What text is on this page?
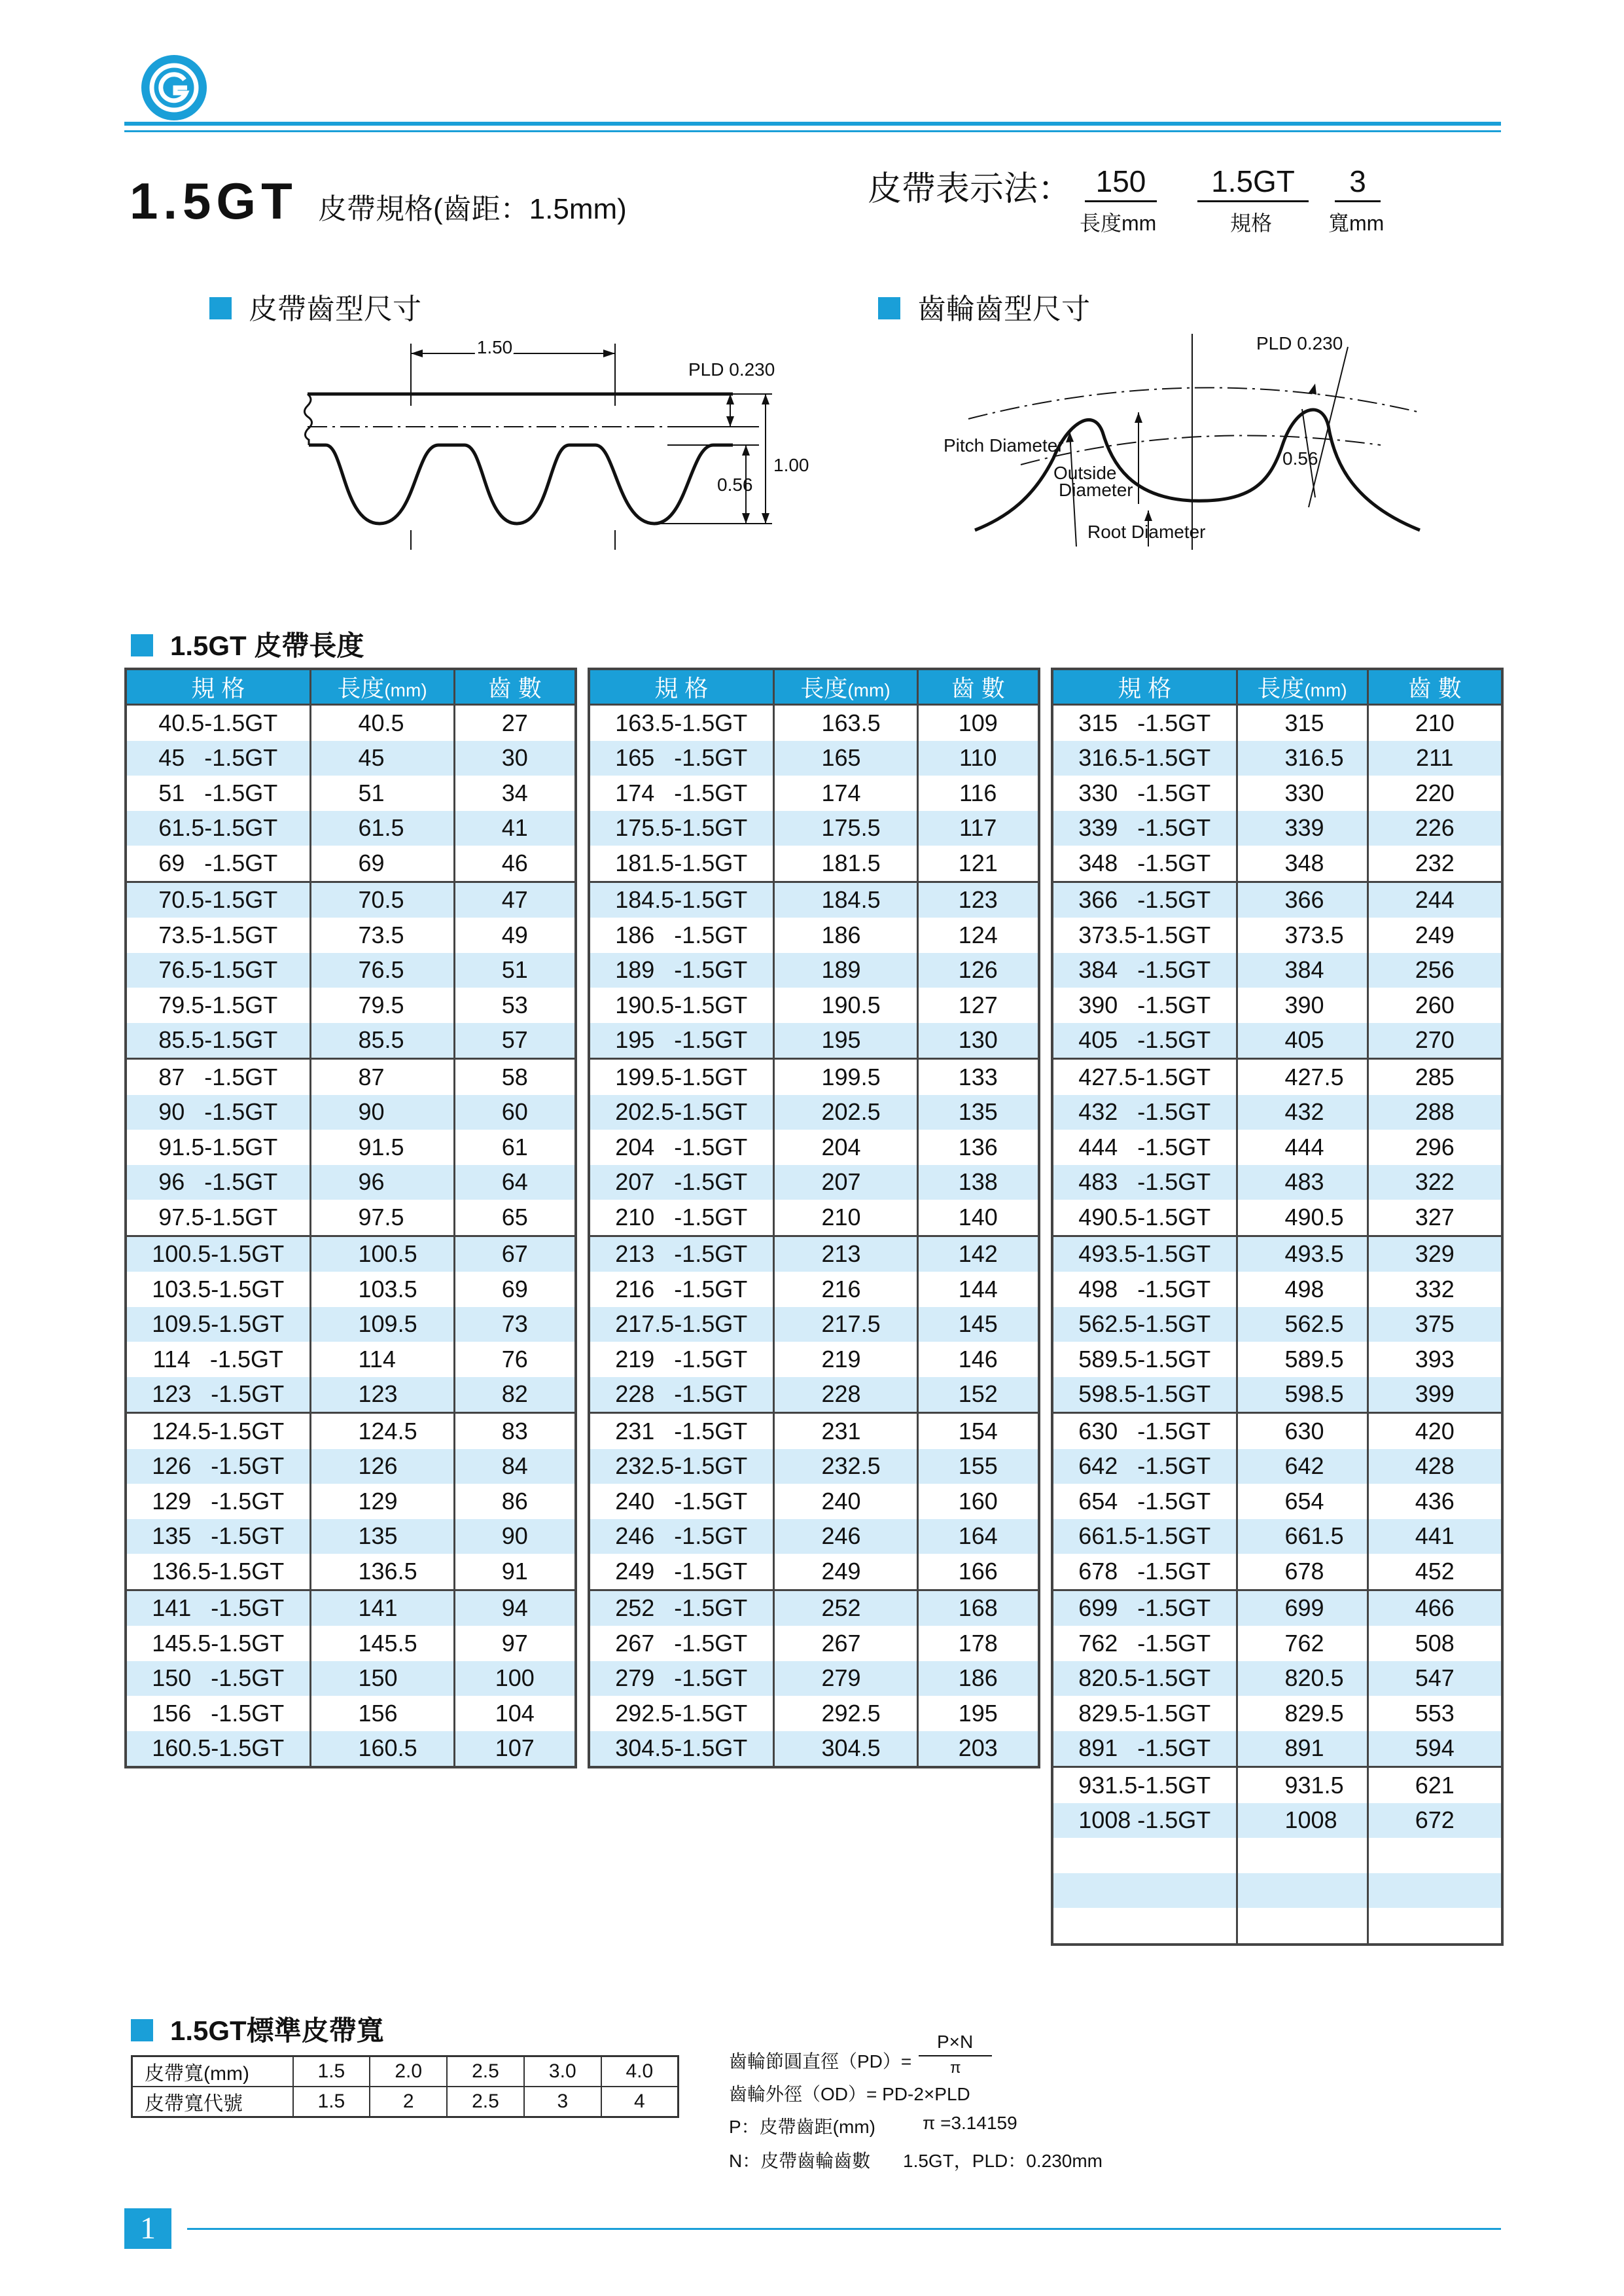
1.5GT 皮帶規格(齒距：1.5mm)
皮帶表示法： 150
長度mm
1.5GT
規格
3
寬mm
皮帶齒型尺寸	齒輪齒型尺寸
1.50
PLD 0.230
1.00
0.56
PLD 0.230
0.56
Pitch Diameter
Outside
Diameter
Root Diameter
1.5GT 皮帶長度
規 格	長度(mm)	齒 數
40.5-1.5GT	40.5	27
45   -1.5GT	45	30
51   -1.5GT	51	34
61.5-1.5GT	61.5	41
69   -1.5GT	69	46
70.5-1.5GT	70.5	47
73.5-1.5GT	73.5	49
76.5-1.5GT	76.5	51
79.5-1.5GT	79.5	53
85.5-1.5GT	85.5	57
87   -1.5GT	87	58
90   -1.5GT	90	60
91.5-1.5GT	91.5	61
96   -1.5GT	96	64
97.5-1.5GT	97.5	65
100.5-1.5GT	100.5	67
103.5-1.5GT	103.5	69
109.5-1.5GT	109.5	73
114   -1.5GT	114	76
123   -1.5GT	123	82
124.5-1.5GT	124.5	83
126   -1.5GT	126	84
129   -1.5GT	129	86
135   -1.5GT	135	90
136.5-1.5GT	136.5	91
141   -1.5GT	141	94
145.5-1.5GT	145.5	97
150   -1.5GT	150	100
156   -1.5GT	156	104
160.5-1.5GT	160.5	107
規 格	長度(mm)	齒 數
163.5-1.5GT	163.5	109
165   -1.5GT	165	110
174   -1.5GT	174	116
175.5-1.5GT	175.5	117
181.5-1.5GT	181.5	121
184.5-1.5GT	184.5	123
186   -1.5GT	186	124
189   -1.5GT	189	126
190.5-1.5GT	190.5	127
195   -1.5GT	195	130
199.5-1.5GT	199.5	133
202.5-1.5GT	202.5	135
204   -1.5GT	204	136
207   -1.5GT	207	138
210   -1.5GT	210	140
213   -1.5GT	213	142
216   -1.5GT	216	144
217.5-1.5GT	217.5	145
219   -1.5GT	219	146
228   -1.5GT	228	152
231   -1.5GT	231	154
232.5-1.5GT	232.5	155
240   -1.5GT	240	160
246   -1.5GT	246	164
249   -1.5GT	249	166
252   -1.5GT	252	168
267   -1.5GT	267	178
279   -1.5GT	279	186
292.5-1.5GT	292.5	195
304.5-1.5GT	304.5	203
規 格	長度(mm)	齒 數
315   -1.5GT	315	210
316.5-1.5GT	316.5	211
330   -1.5GT	330	220
339   -1.5GT	339	226
348   -1.5GT	348	232
366   -1.5GT	366	244
373.5-1.5GT	373.5	249
384   -1.5GT	384	256
390   -1.5GT	390	260
405   -1.5GT	405	270
427.5-1.5GT	427.5	285
432   -1.5GT	432	288
444   -1.5GT	444	296
483   -1.5GT	483	322
490.5-1.5GT	490.5	327
493.5-1.5GT	493.5	329
498   -1.5GT	498	332
562.5-1.5GT	562.5	375
589.5-1.5GT	589.5	393
598.5-1.5GT	598.5	399
630   -1.5GT	630	420
642   -1.5GT	642	428
654   -1.5GT	654	436
661.5-1.5GT	661.5	441
678   -1.5GT	678	452
699   -1.5GT	699	466
762   -1.5GT	762	508
820.5-1.5GT	820.5	547
829.5-1.5GT	829.5	553
891   -1.5GT	891	594
931.5-1.5GT	931.5	621
1008 -1.5GT	1008	672

1.5GT標準皮帶寬
皮帶寬(mm)	1.5	2.0	2.5	3.0	4.0
皮帶寬代號	1.5	2	2.5	3	4
齒輪節圓直徑（PD）=
P×N
π
齒輪外徑（OD）= PD-2×PLD
P：皮帶齒距(mm)	π =3.14159
N：皮帶齒輪齒數 1.5GT，PLD：0.230mm
1
